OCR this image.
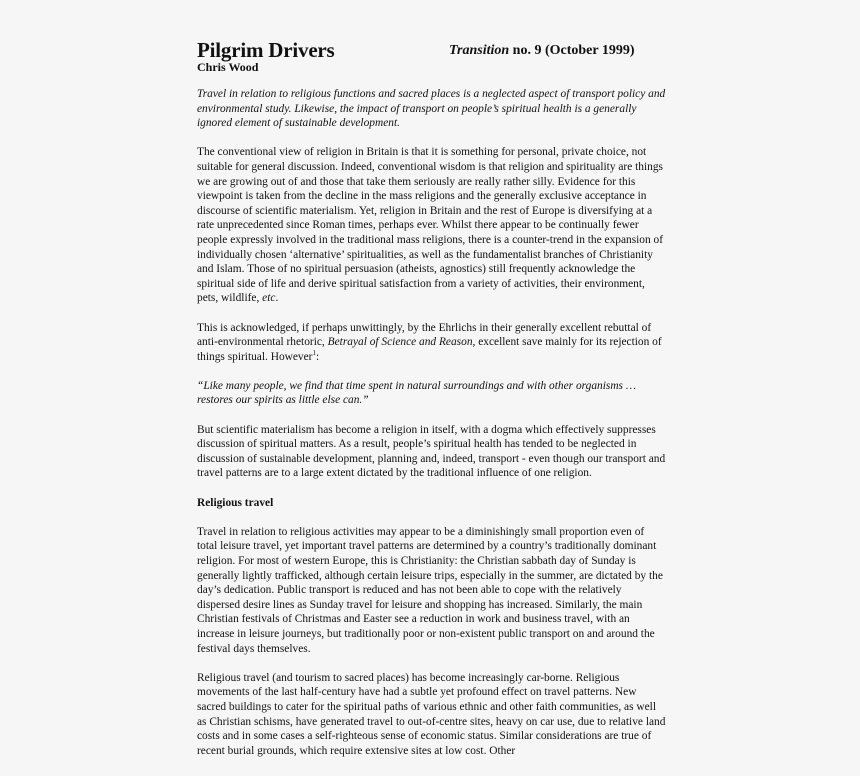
Pilgrim Drivers	Transition no. 9 (October 1999)
Chris Wood

Travel in relation to religious functions and sacred places is a neglected aspect of transport policy and environmental study. Likewise, the impact of transport on people’s spiritual health is a generally ignored element of sustainable development.

The conventional view of religion in Britain is that it is something for personal, private choice, not suitable for general discussion. Indeed, conventional wisdom is that religion and spirituality are things we are growing out of and those that take them seriously are really rather silly. Evidence for this viewpoint is taken from the decline in the mass religions and the generally exclusive acceptance in discourse of scientific materialism. Yet, religion in Britain and the rest of Europe is diversifying at a rate unprecedented since Roman times, perhaps ever. Whilst there appear to be continually fewer people expressly involved in the traditional mass religions, there is a counter-trend in the expansion of individually chosen ‘alternative’ spiritualities, as well as the fundamentalist branches of Christianity and Islam. Those of no spiritual persuasion (atheists, agnostics) still frequently acknowledge the spiritual side of life and derive spiritual satisfaction from a variety of activities, their environment, pets, wildlife, etc.

This is acknowledged, if perhaps unwittingly, by the Ehrlichs in their generally excellent rebuttal of anti-environmental rhetoric, Betrayal of Science and Reason, excellent save mainly for its rejection of things spiritual. However$^1$:

“Like many people, we find that time spent in natural surroundings and with other organisms … restores our spirits as little else can.”

But scientific materialism has become a religion in itself, with a dogma which effectively suppresses discussion of spiritual matters. As a result, people’s spiritual health has tended to be neglected in discussion of sustainable development, planning and, indeed, transport - even though our transport and travel patterns are to a large extent dictated by the traditional influence of one religion.

Religious travel

Travel in relation to religious activities may appear to be a diminishingly small proportion even of total leisure travel, yet important travel patterns are determined by a country’s traditionally dominant religion. For most of western Europe, this is Christianity: the Christian sabbath day of Sunday is generally lightly trafficked, although certain leisure trips, especially in the summer, are dictated by the day’s dedication. Public transport is reduced and has not been able to cope with the relatively dispersed desire lines as Sunday travel for leisure and shopping has increased. Similarly, the main Christian festivals of Christmas and Easter see a reduction in work and business travel, with an increase in leisure journeys, but traditionally poor or non-existent public transport on and around the festival days themselves.

Religious travel (and tourism to sacred places) has become increasingly car-borne. Religious movements of the last half-century have had a subtle yet profound effect on travel patterns. New sacred buildings to cater for the spiritual paths of various ethnic and other faith communities, as well as Christian schisms, have generated travel to out-of-centre sites, heavy on car use, due to relative land costs and in some cases a self-righteous sense of economic status. Similar considerations are true of recent burial grounds, which require extensive sites at low cost. Other
